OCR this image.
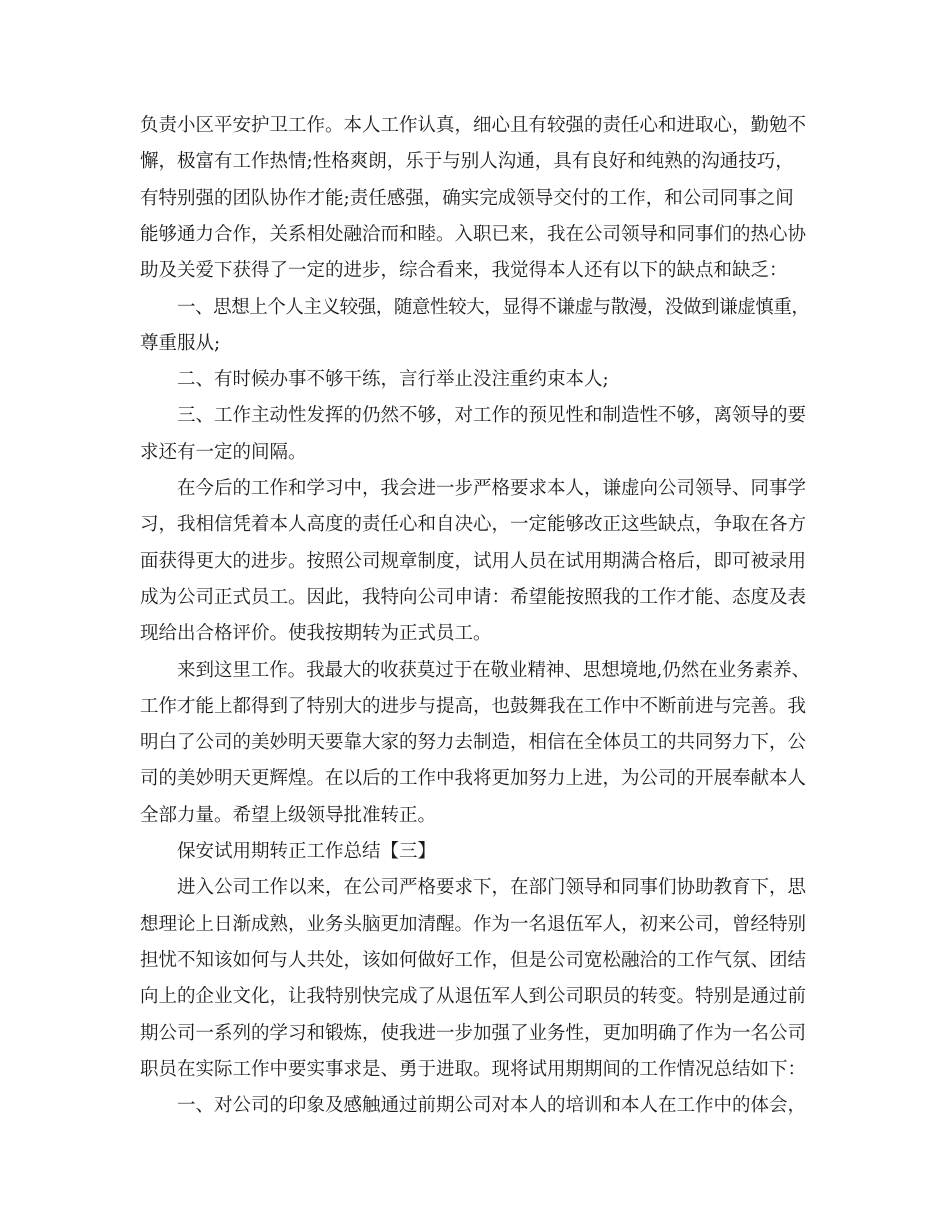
负责小区平安护卫工作。本人工作认真，细心且有较强的责任心和进取心，勤勉不
懈，极富有工作热情;性格爽朗，乐于与别人沟通，具有良好和纯熟的沟通技巧，
有特别强的团队协作才能;责任感强，确实完成领导交付的工作，和公司同事之间
能够通力合作，关系相处融洽而和睦。入职已来，我在公司领导和同事们的热心协
助及关爱下获得了一定的进步，综合看来，我觉得本人还有以下的缺点和缺乏：
一、思想上个人主义较强，随意性较大，显得不谦虚与散漫，没做到谦虚慎重，
尊重服从;
二、有时候办事不够干练，言行举止没注重约束本人;
三、工作主动性发挥的仍然不够，对工作的预见性和制造性不够，离领导的要
求还有一定的间隔。
在今后的工作和学习中，我会进一步严格要求本人，谦虚向公司领导、同事学
习，我相信凭着本人高度的责任心和自决心，一定能够改正这些缺点，争取在各方
面获得更大的进步。按照公司规章制度，试用人员在试用期满合格后，即可被录用
成为公司正式员工。因此，我特向公司申请：希望能按照我的工作才能、态度及表
现给出合格评价。使我按期转为正式员工。
来到这里工作。我最大的收获莫过于在敬业精神、思想境地,仍然在业务素养、
工作才能上都得到了特别大的进步与提高，也鼓舞我在工作中不断前进与完善。我
明白了公司的美妙明天要靠大家的努力去制造，相信在全体员工的共同努力下，公
司的美妙明天更辉煌。在以后的工作中我将更加努力上进，为公司的开展奉献本人
全部力量。希望上级领导批准转正。
保安试用期转正工作总结【三】
进入公司工作以来，在公司严格要求下，在部门领导和同事们协助教育下，思
想理论上日渐成熟，业务头脑更加清醒。作为一名退伍军人，初来公司，曾经特别
担忧不知该如何与人共处，该如何做好工作，但是公司宽松融洽的工作气氛、团结
向上的企业文化，让我特别快完成了从退伍军人到公司职员的转变。特别是通过前
期公司一系列的学习和锻炼，使我进一步加强了业务性，更加明确了作为一名公司
职员在实际工作中要实事求是、勇于进取。现将试用期期间的工作情况总结如下：
一、对公司的印象及感触通过前期公司对本人的培训和本人在工作中的体会，
